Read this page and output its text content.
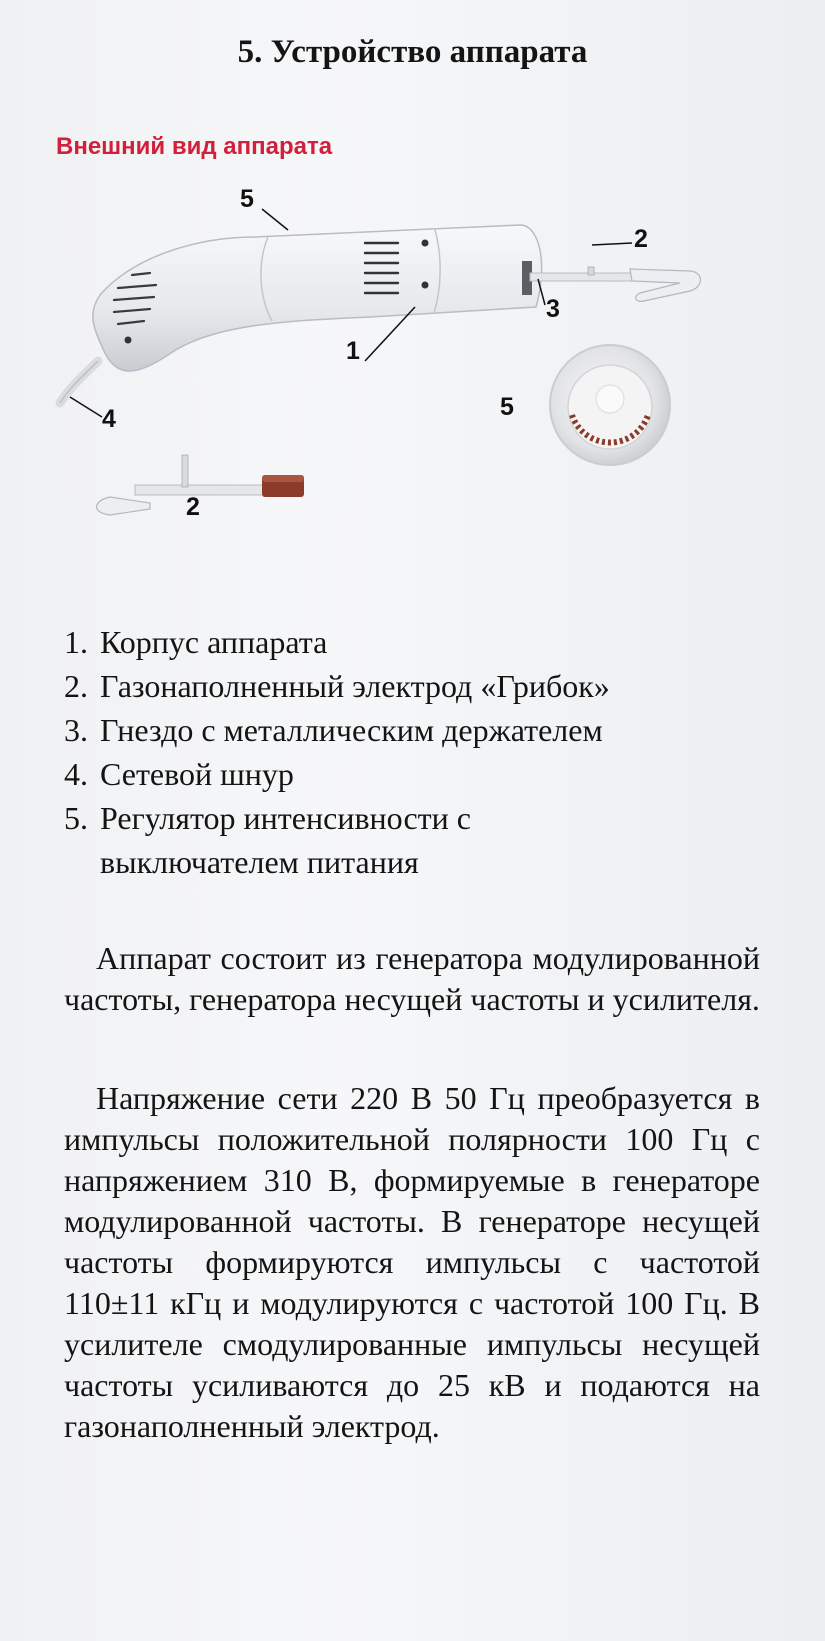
5. Устройство аппарата
Внешний вид аппарата
5
1
2
3
4	5
2
1. Корпус аппарата
2. Газонаполненный электрод «Грибок»
3. Гнездо с металлическим держателем
4. Сетевой шнур
5. Регулятор интенсивности с выключателем питания

Аппарат состоит из генератора модулированной частоты, генератора несущей частоты и усилителя.

Напряжение сети 220 В 50 Гц преобразуется в импульсы положительной полярности 100 Гц с напряжением 310 В, формируемые в генераторе модулированной частоты. В генераторе несущей частоты формируются импульсы с частотой 110±11 кГц и модулируются с частотой 100 Гц. В усилителе смодулированные импульсы несущей частоты усиливаются до 25 кВ и подаются на газонаполненный электрод.
